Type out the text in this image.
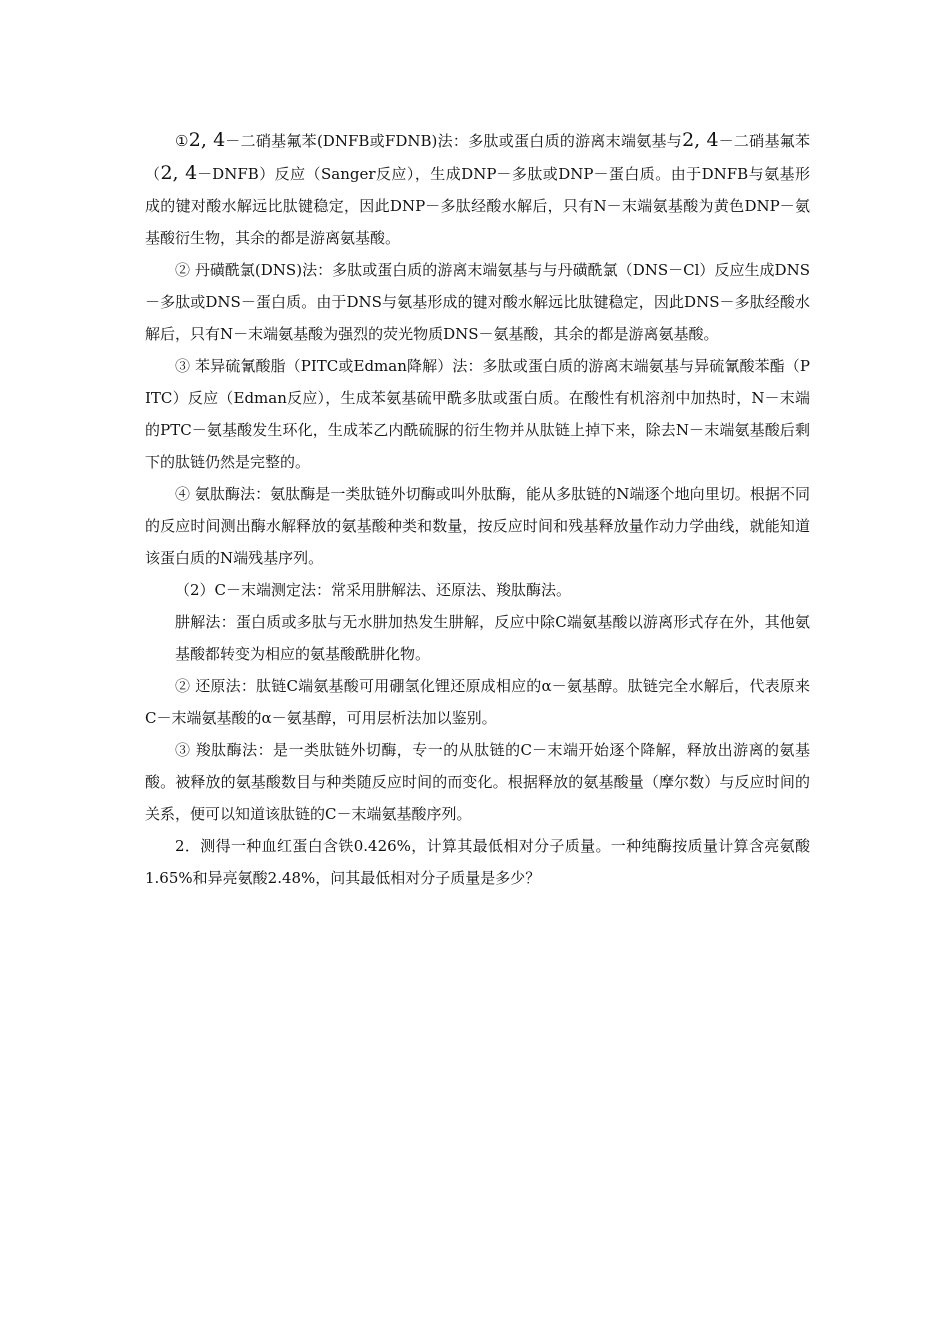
①2, 4－二硝基氟苯(DNFB或FDNB)法：多肽或蛋白质的游离末端氨基与2, 4－二硝基氟苯（2, 4－DNFB）反应（Sanger反应），生成DNP－多肽或DNP－蛋白质。由于DNFB与氨基形成的键对酸水解远比肽键稳定，因此DNP－多肽经酸水解后，只有N－末端氨基酸为黄色DNP－氨基酸衍生物，其余的都是游离氨基酸。

② 丹磺酰氯(DNS)法：多肽或蛋白质的游离末端氨基与与丹磺酰氯（DNS－Cl）反应生成DNS－多肽或DNS－蛋白质。由于DNS与氨基形成的键对酸水解远比肽键稳定，因此DNS－多肽经酸水解后，只有N－末端氨基酸为强烈的荧光物质DNS－氨基酸，其余的都是游离氨基酸。

③ 苯异硫氰酸脂（PITC或Edman降解）法：多肽或蛋白质的游离末端氨基与异硫氰酸苯酯（PITC）反应（Edman反应），生成苯氨基硫甲酰多肽或蛋白质。在酸性有机溶剂中加热时，N－末端的PTC－氨基酸发生环化，生成苯乙内酰硫脲的衍生物并从肽链上掉下来，除去N－末端氨基酸后剩下的肽链仍然是完整的。

④ 氨肽酶法：氨肽酶是一类肽链外切酶或叫外肽酶，能从多肽链的N端逐个地向里切。根据不同的反应时间测出酶水解释放的氨基酸种类和数量，按反应时间和残基释放量作动力学曲线，就能知道该蛋白质的N端残基序列。

（2）C－末端测定法：常采用肼解法、还原法、羧肽酶法。

肼解法：蛋白质或多肽与无水肼加热发生肼解，反应中除C端氨基酸以游离形式存在外，其他氨基酸都转变为相应的氨基酸酰肼化物。

② 还原法：肽链C端氨基酸可用硼氢化锂还原成相应的α－氨基醇。肽链完全水解后，代表原来C－末端氨基酸的α－氨基醇，可用层析法加以鉴别。

③ 羧肽酶法：是一类肽链外切酶，专一的从肽链的C－末端开始逐个降解，释放出游离的氨基酸。被释放的氨基酸数目与种类随反应时间的而变化。根据释放的氨基酸量（摩尔数）与反应时间的关系，便可以知道该肽链的C－末端氨基酸序列。

2．测得一种血红蛋白含铁0.426%，计算其最低相对分子质量。一种纯酶按质量计算含亮氨酸1.65%和异亮氨酸2.48%，问其最低相对分子质量是多少？
